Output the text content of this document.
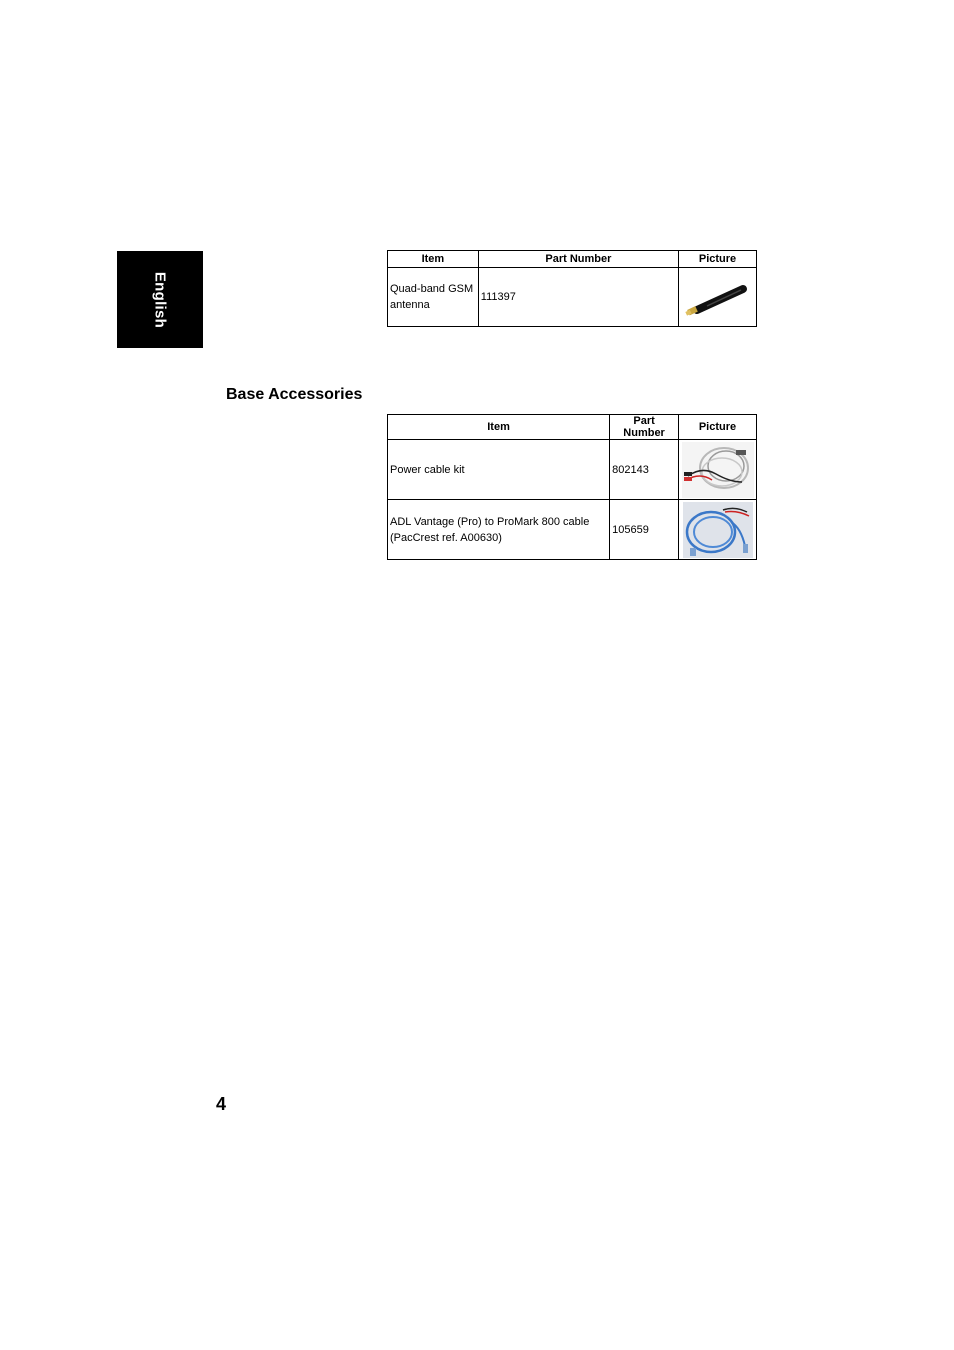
English
Item	Part Number	Picture
Quad-band GSM antenna	111397	
Base Accessories
Item	Part Number	Picture
Power cable kit	802143	

ADL Vantage (Pro) to ProMark 800 cable (PacCrest ref. A00630)	105659	
4
